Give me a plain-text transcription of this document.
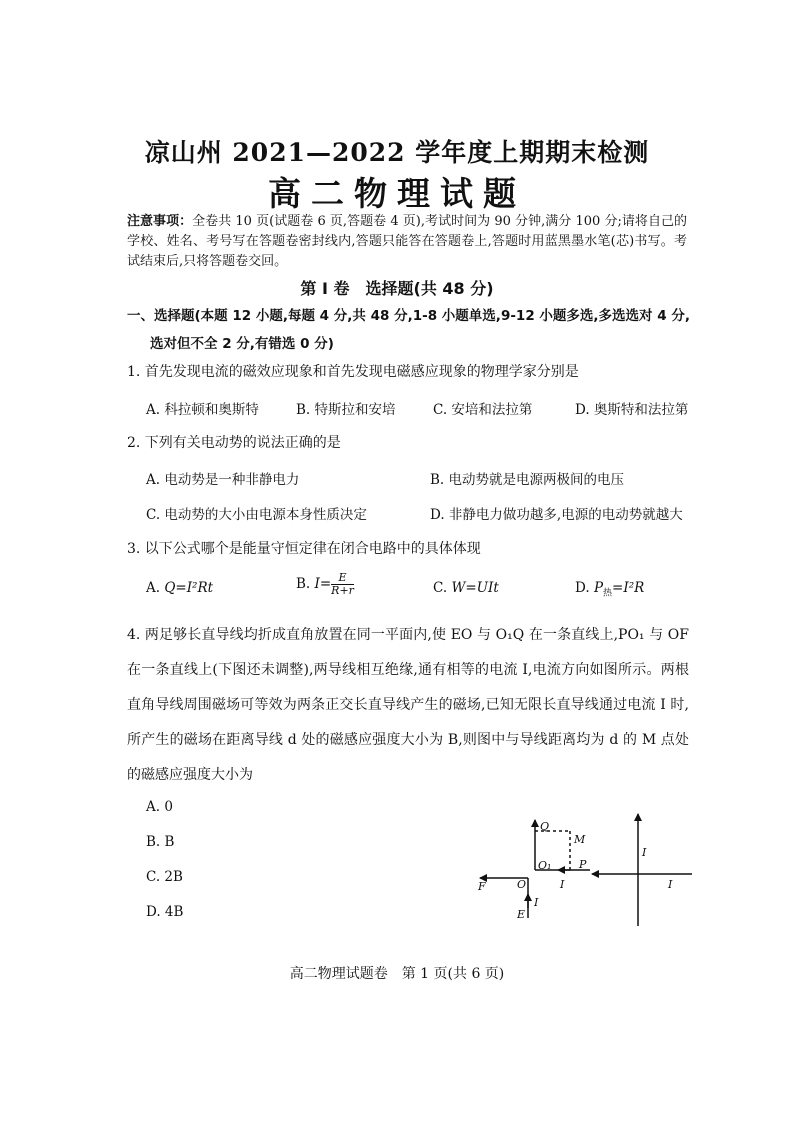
凉山州 2021—2022 学年度上期期末检测
高二物理试题
注意事项：全卷共 10 页(试题卷 6 页,答题卷 4 页),考试时间为 90 分钟,满分 100 分;请将自己的学校、姓名、考号写在答题卷密封线内,答题只能答在答题卷上,答题时用蓝黑墨水笔(芯)书写。考试结束后,只将答题卷交回。
第 Ⅰ 卷　选择题(共 48 分)
一、选择题(本题 12 小题,每题 4 分,共 48 分,1-8 小题单选,9-12 小题多选,多选选对 4 分,
选对但不全 2 分,有错选 0 分)
1. 首先发现电流的磁效应现象和首先发现电磁感应现象的物理学家分别是
A. 科拉顿和奥斯特	B. 特斯拉和安培	C. 安培和法拉第	D. 奥斯特和法拉第
2. 下列有关电动势的说法正确的是
A. 电动势是一种非静电力	B. 电动势就是电源两极间的电压
C. 电动势的大小由电源本身性质决定	D. 非静电力做功越多,电源的电动势就越大
3. 以下公式哪个是能量守恒定律在闭合电路中的具体体现
A. Q=I²Rt	B. $I= \frac{E}{R+r}$	C. W=UIt	D. $P_热=I^2R$
4. 两足够长直导线均折成直角放置在同一平面内,使 EO 与 O₁Q 在一条直线上,PO₁ 与 OF 在一条直线上(下图还未调整),两导线相互绝缘,通有相等的电流 I,电流方向如图所示。两根直角导线周围磁场可等效为两条正交长直导线产生的磁场,已知无限长直导线通过电流 I 时,所产生的磁场在距离导线 d 处的磁感应强度大小为 B,则图中与导线距离均为 d 的 M 点处的磁感应强度大小为
A. 0
B. B
C. 2B
D. 4B
Q
M
O₁	P
F	O
E
I
I
I
I
高二物理试题卷　第 1 页(共 6 页)
